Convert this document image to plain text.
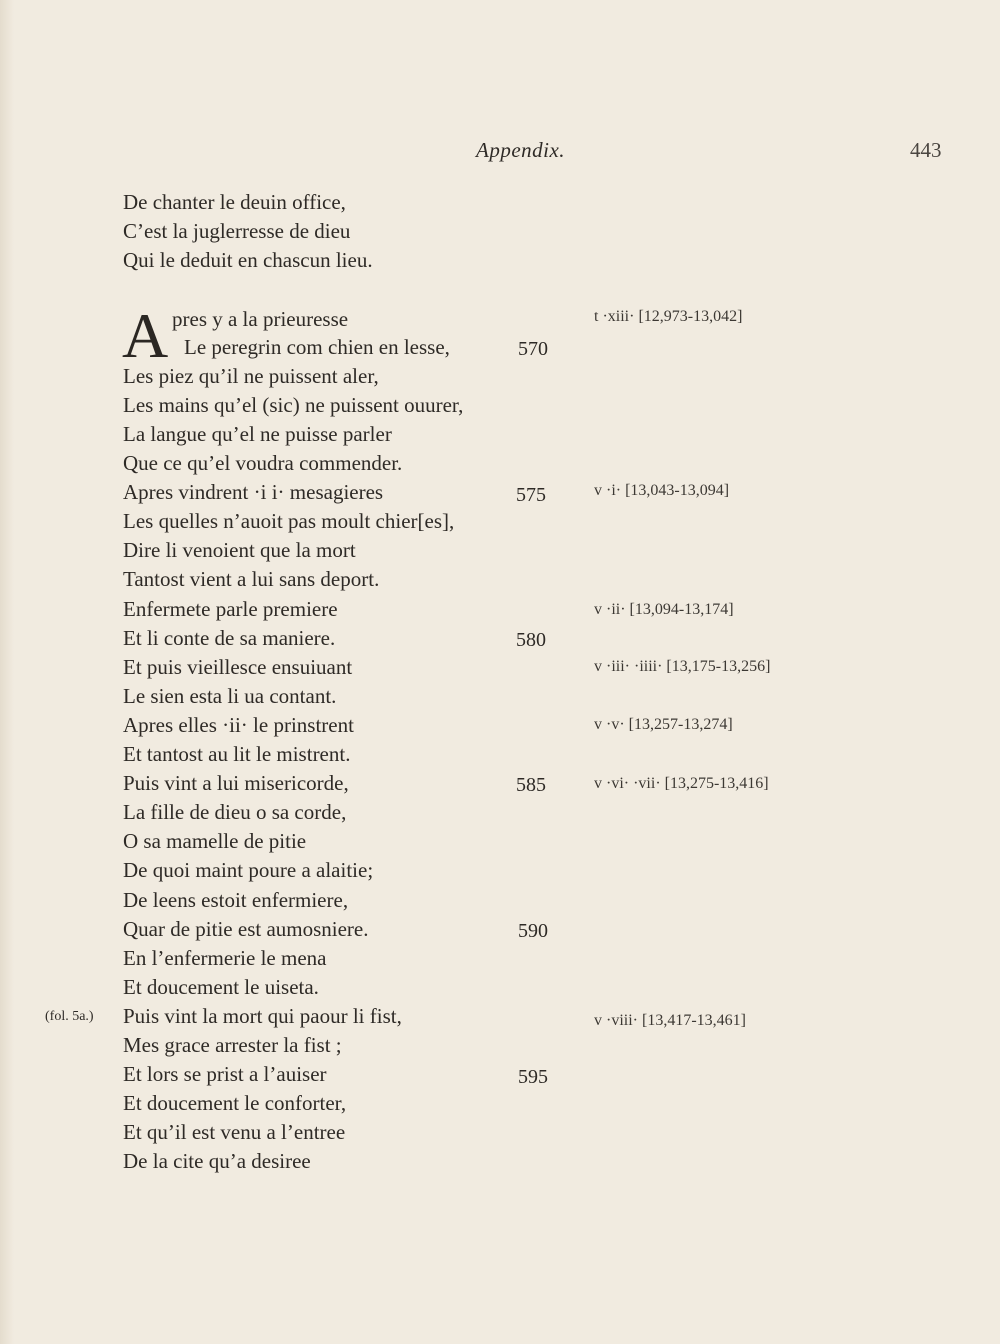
Appendix.	443
De chanter le deuin office,
C’est la juglerresse de dieu
Qui le deduit en chascun lieu.
A pres y a la prieuresse
Le peregrin com chien en lesse,
Les piez qu’il ne puissent aler,
Les mains qu’el (sic) ne puissent ouurer,
La langue qu’el ne puisse parler
Que ce qu’el voudra commender.
Apres vindrent ·i i· mesagieres
Les quelles n’auoit pas moult chier[es],
Dire li venoient que la mort
Tantost vient a lui sans deport.
Enfermete parle premiere
Et li conte de sa maniere.
Et puis vieillesce ensuiuant
Le sien esta li ua contant.
Apres elles ·ii· le prinstrent
Et tantost au lit le mistrent.
Puis vint a lui misericorde,
La fille de dieu o sa corde,
O sa mamelle de pitie
De quoi maint poure a alaitie;
De leens estoit enfermiere,
Quar de pitie est aumosniere.
En l’enfermerie le mena
Et doucement le uiseta.
Puis vint la mort qui paour li fist,
Mes grace arrester la fist ;
Et lors se prist a l’auiser
Et doucement le conforter,
Et qu’il est venu a l’entree
De la cite qu’a desiree
570
575
580
585
590
595
t ·xiii· [12,973-13,042]
v ·i· [13,043-13,094]
v ·ii· [13,094-13,174]
v ·iii· ·iiii· [13,175-13,256]
v ·v· [13,257-13,274]
v ·vi· ·vii· [13,275-13,416]
v ·viii· [13,417-13,461]
(fol. 5a.)
